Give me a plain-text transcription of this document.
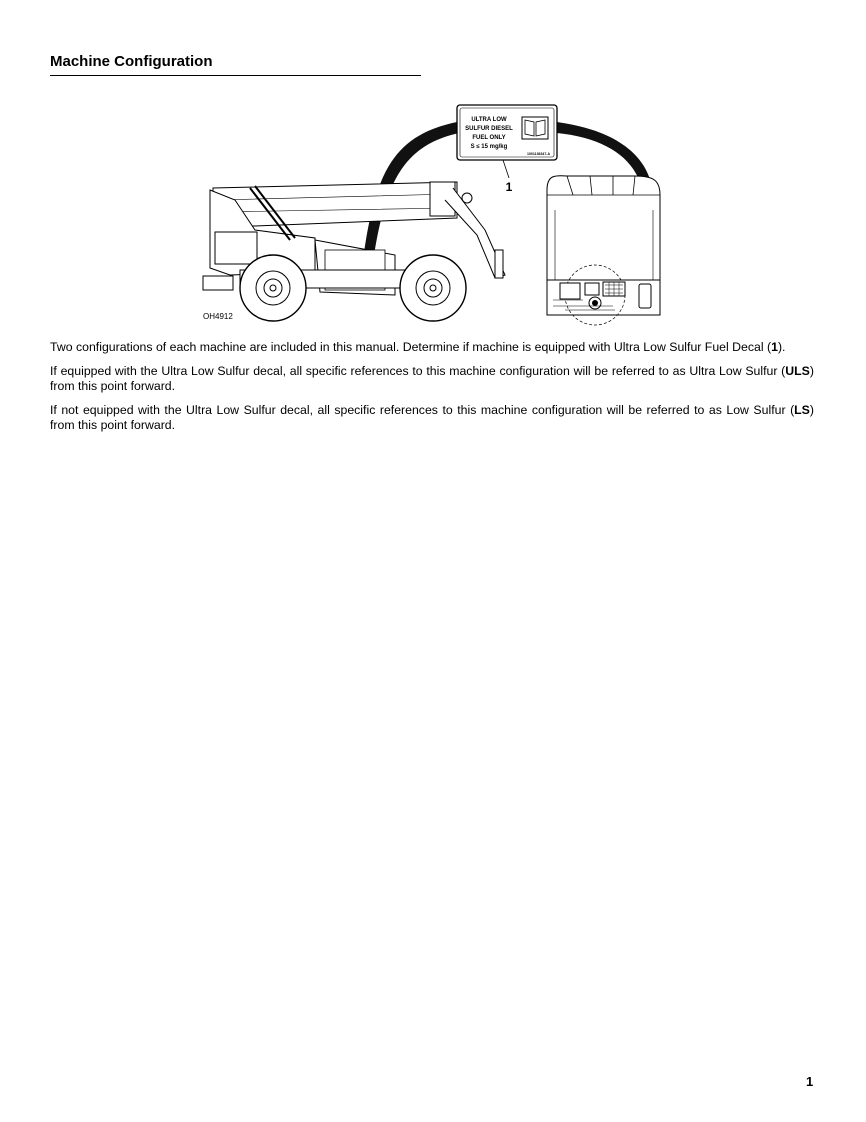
Machine Configuration
ULTRA LOW
SULFUR DIESEL
FUEL ONLY
S ≤ 15 mg/kg
1001136347-A
1
OH4912

Two configurations of each machine are included in this manual. Determine if machine is equipped with Ultra Low Sulfur Fuel Decal (1).

If equipped with the Ultra Low Sulfur decal, all specific references to this machine configuration will be referred to as Ultra Low Sulfur (ULS) from this point forward.

If not equipped with the Ultra Low Sulfur decal, all specific references to this machine configuration will be referred to as Low Sulfur (LS) from this point forward.

1
